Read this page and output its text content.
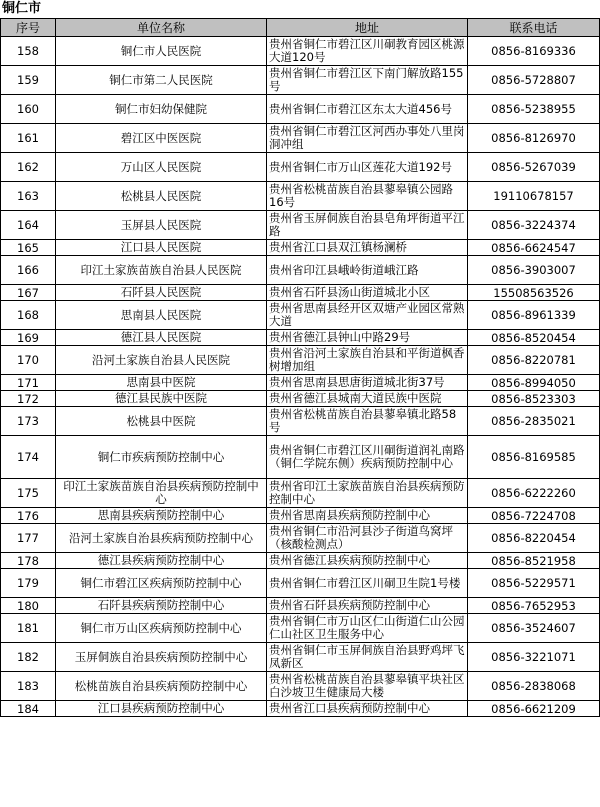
铜仁市
序号	单位名称	地址	联系电话
158	铜仁市人民医院	贵州省铜仁市碧江区川硐教育园区桃源大道120号	0856-8169336
159	铜仁市第二人民医院	贵州省铜仁市碧江区下南门解放路155号	0856-5728807
160	铜仁市妇幼保健院	贵州省铜仁市碧江区东太大道456号	0856-5238955
161	碧江区中医医院	贵州省铜仁市碧江区河西办事处八里岗洞冲组	0856-8126970
162	万山区人民医院	贵州省铜仁市万山区莲花大道192号	0856-5267039
163	松桃县人民医院	贵州省松桃苗族自治县蓼皋镇公园路16号	19110678157
164	玉屏县人民医院	贵州省玉屏侗族自治县皂角坪街道平江路	0856-3224374
165	江口县人民医院	贵州省江口县双江镇杨澜桥	0856-6624547
166	印江土家族苗族自治县人民医院	贵州省印江县峨岭街道峨江路	0856-3903007
167	石阡县人民医院	贵州省石阡县汤山街道城北小区	15508563526
168	思南县人民医院	贵州省思南县经开区双塘产业园区常熟大道	0856-8961339
169	德江县人民医院	贵州省德江县钟山中路29号	0856-8520454
170	沿河土家族自治县人民医院	贵州省沿河土家族自治县和平街道枫香树增加组	0856-8220781
171	思南县中医院	贵州省思南县思唐街道城北街37号	0856-8994050
172	德江县民族中医院	贵州省德江县城南大道民族中医院	0856-8523303
173	松桃县中医院	贵州省松桃苗族自治县蓼皋镇北路58号	0856-2835021
174	铜仁市疾病预防控制中心	贵州省铜仁市碧江区川硐街道润礼南路（铜仁学院东侧）疾病预防控制中心	0856-8169585
175	印江土家族苗族自治县疾病预防控制中心	贵州省印江土家族苗族自治县疾病预防控制中心	0856-6222260
176	思南县疾病预防控制中心	贵州省思南县疾病预防控制中心	0856-7224708
177	沿河土家族自治县疾病预防控制中心	贵州省铜仁市沿河县沙子街道鸟窝坪（核酸检测点）	0856-8220454
178	德江县疾病预防控制中心	贵州省德江县疾病预防控制中心	0856-8521958
179	铜仁市碧江区疾病预防控制中心	贵州省铜仁市碧江区川硐卫生院1号楼	0856-5229571
180	石阡县疾病预防控制中心	贵州省石阡县疾病预防控制中心	0856-7652953
181	铜仁市万山区疾病预防控制中心	贵州省铜仁市万山区仁山街道仁山公园仁山社区卫生服务中心	0856-3524607
182	玉屏侗族自治县疾病预防控制中心	贵州省铜仁市玉屏侗族自治县野鸡坪飞凤新区	0856-3221071
183	松桃苗族自治县疾病预防控制中心	贵州省松桃苗族自治县蓼皋镇平块社区白沙坡卫生健康局大楼	0856-2838068
184	江口县疾病预防控制中心	贵州省江口县疾病预防控制中心	0856-6621209
